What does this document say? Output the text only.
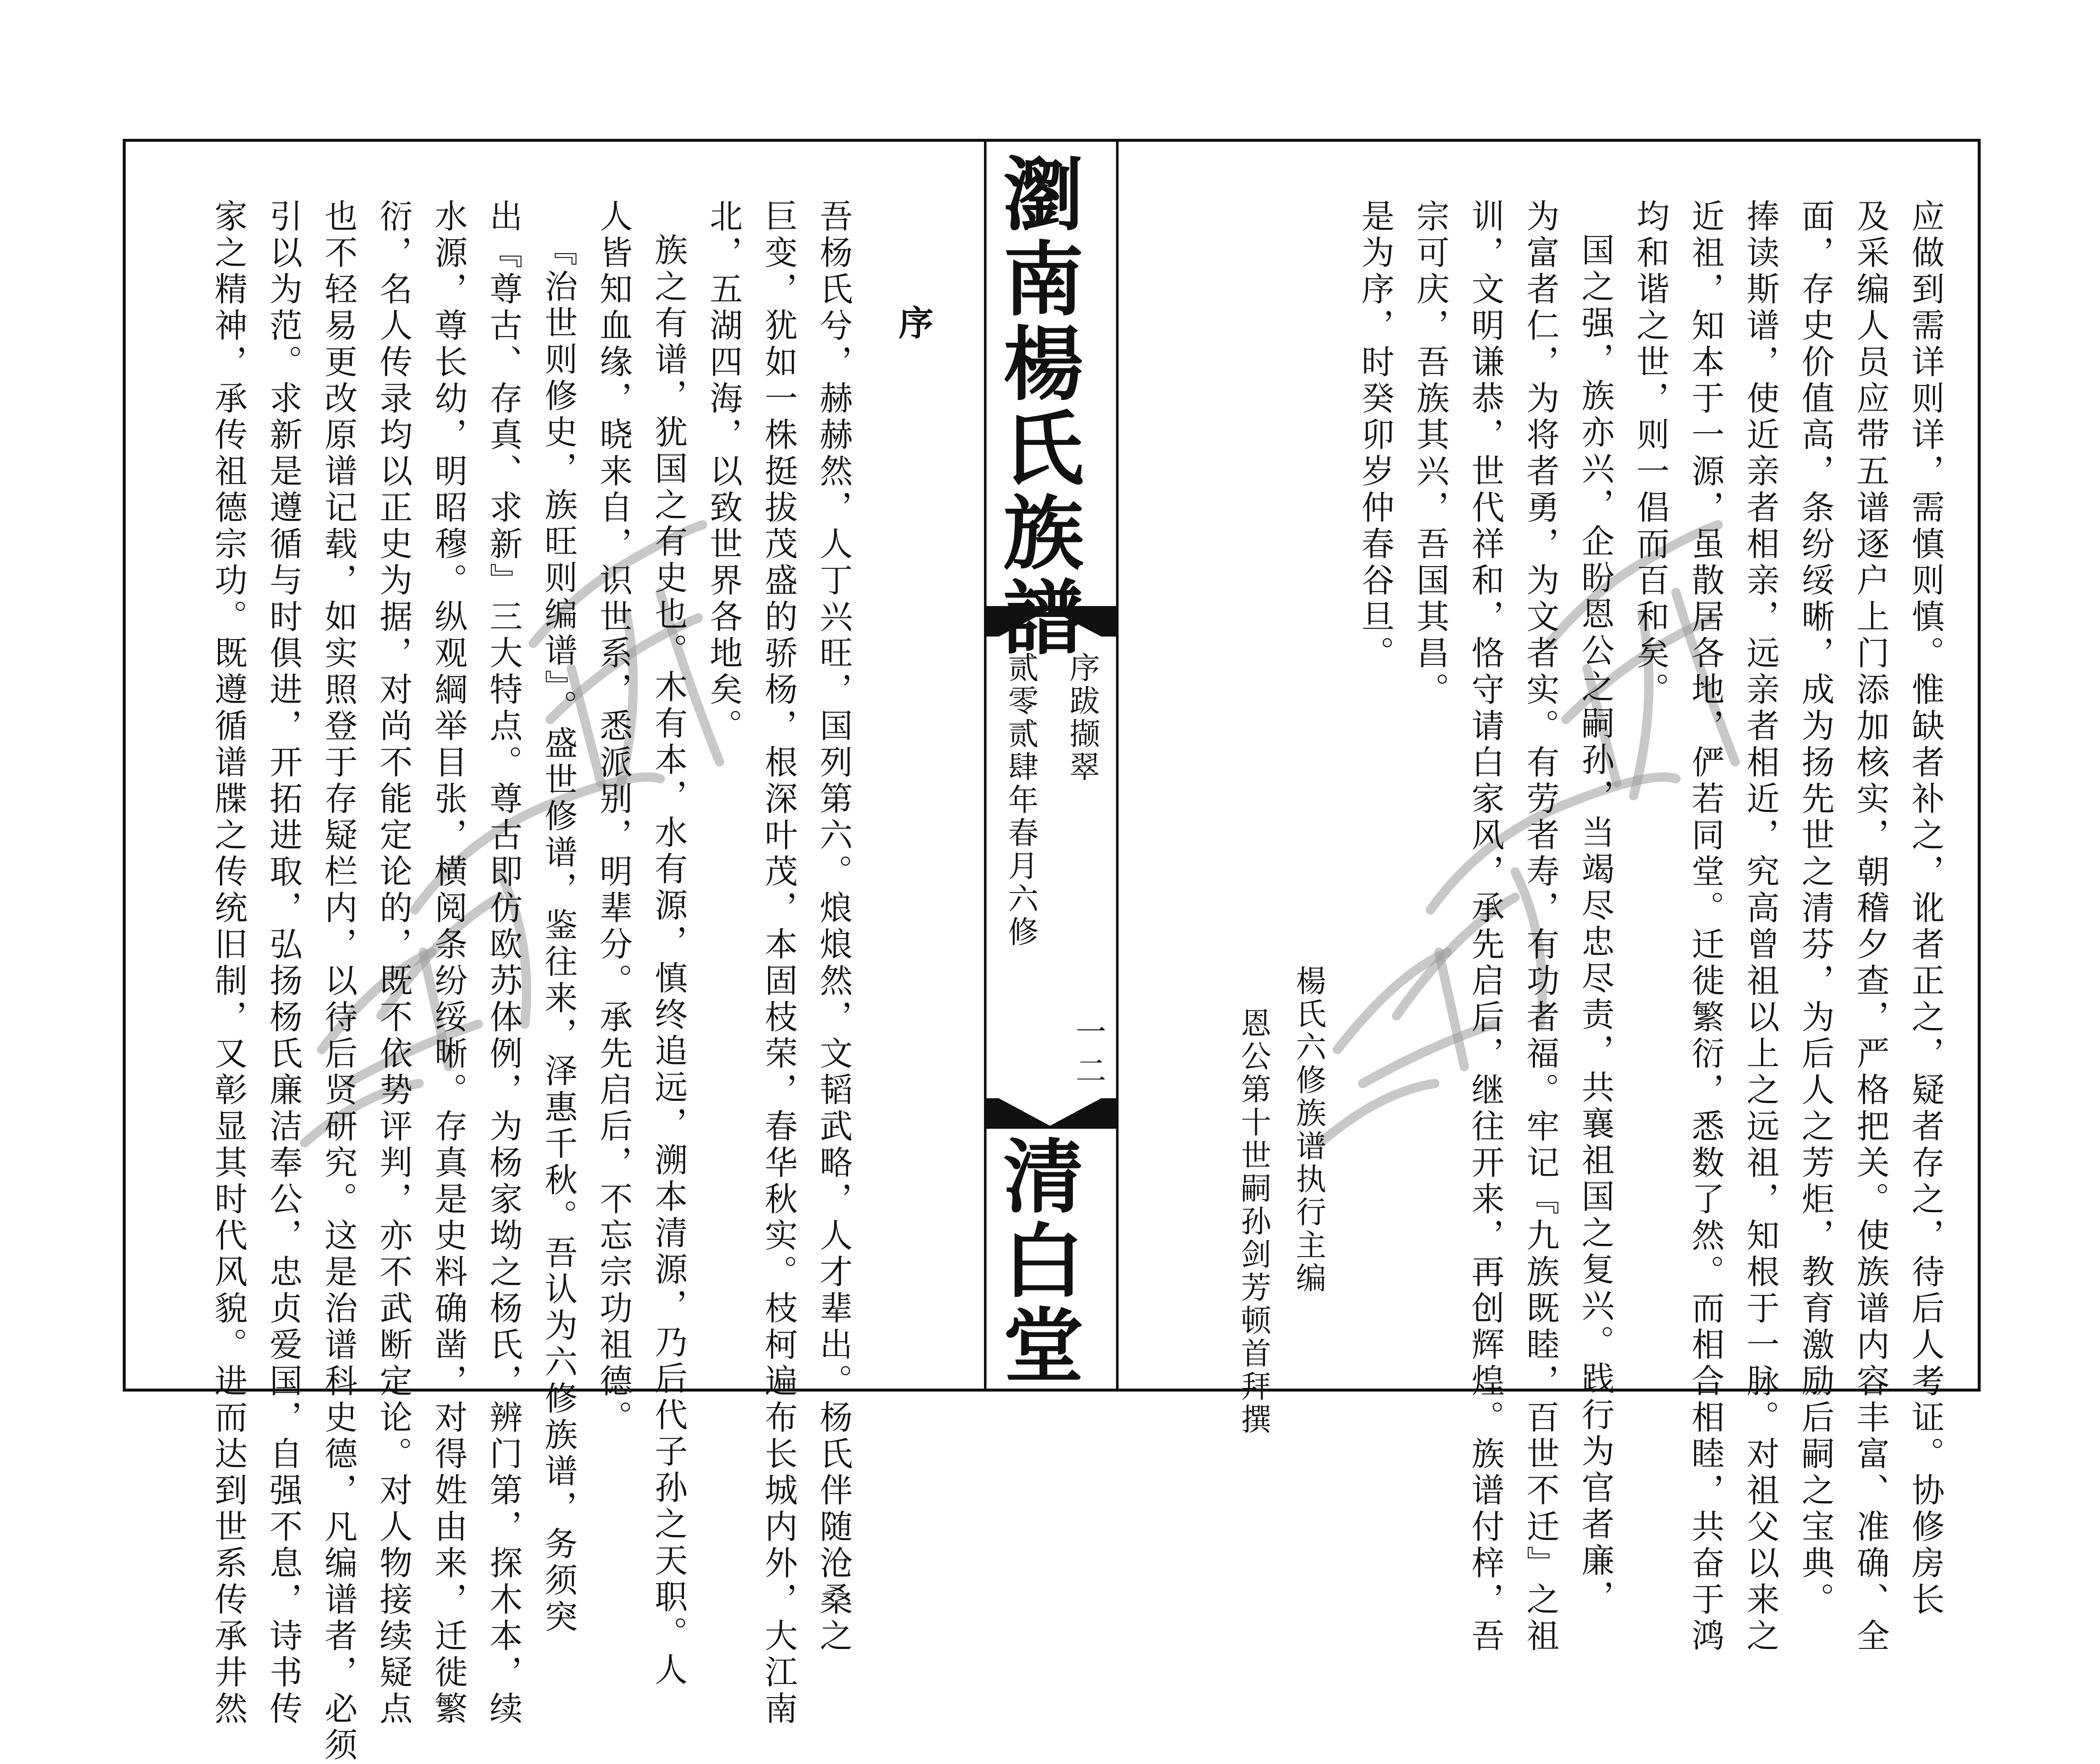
瀏南楊氏族譜
序跋撷翠
贰零贰肆年春月六修
一二
清白堂
序
吾杨氏兮，赫赫然，人丁兴旺，国列第六。烺烺然，文韬武略，人才辈出。杨氏伴随沧桑之
巨变，犹如一株挺拔茂盛的骄杨，根深叶茂，本固枝荣，春华秋实。枝柯遍布长城内外，大江南
北，五湖四海，以致世界各地矣。
族之有谱，犹国之有史也。木有本，水有源，慎终追远，溯本清源，乃后代子孙之天职。人
人皆知血缘，晓来自，识世系，悉派别，明辈分。承先启后，不忘宗功祖德。
『治世则修史，族旺则编谱』。盛世修谱，鉴往来，泽惠千秋。吾认为六修族谱，务须突
出『尊古、存真、求新』三大特点。尊古即仿欧苏体例，为杨家坳之杨氏，辨门第，探木本，续
水源，尊长幼，明昭穆。纵观綱举目张，横阅条纷绥晰。存真是史料确凿，对得姓由来，迁徙繁
衍，名人传录均以正史为据，对尚不能定论的，既不依势评判，亦不武断定论。对人物接续疑点
也不轻易更改原谱记载，如实照登于存疑栏内，以待后贤研究。这是治谱科史德，凡编谱者，必须
引以为范。求新是遵循与时俱进，开拓进取，弘扬杨氏廉洁奉公，忠贞爱国，自强不息，诗书传
家之精神，承传祖德宗功。既遵循谱牒之传统旧制，又彰显其时代风貌。进而达到世系传承井然	应做到需详则详，需慎则慎。惟缺者补之，讹者正之，疑者存之，待后人考证。协修房长
及采编人员应带五谱逐户上门添加核实，朝稽夕查，严格把关。使族谱内容丰富、准确、全
面，存史价值高，条纷绥晰，成为扬先世之清芬，为后人之芳炬，教育激励后嗣之宝典。
捧读斯谱，使近亲者相亲，远亲者相近，究高曾祖以上之远祖，知根于一脉。对祖父以来之
近祖，知本于一源，虽散居各地，俨若同堂。迁徙繁衍，悉数了然。而相合相睦，共奋于鸿
均和谐之世，则一倡而百和矣。
国之强，族亦兴，企盼恩公之嗣孙，当竭尽忠尽责，共襄祖国之复兴。践行为官者廉，
为富者仁，为将者勇，为文者实。有劳者寿，有功者福。牢记『九族既睦，百世不迁』之祖
训，文明谦恭，世代祥和，恪守请白家风，承先启后，继往开来，再创辉煌。族谱付梓，吾
宗可庆，吾族其兴，吾国其昌。
是为序，时癸卯岁仲春谷旦。
楊氏六修族谱执行主编
恩公第十世嗣孙剑芳顿首拜撰
